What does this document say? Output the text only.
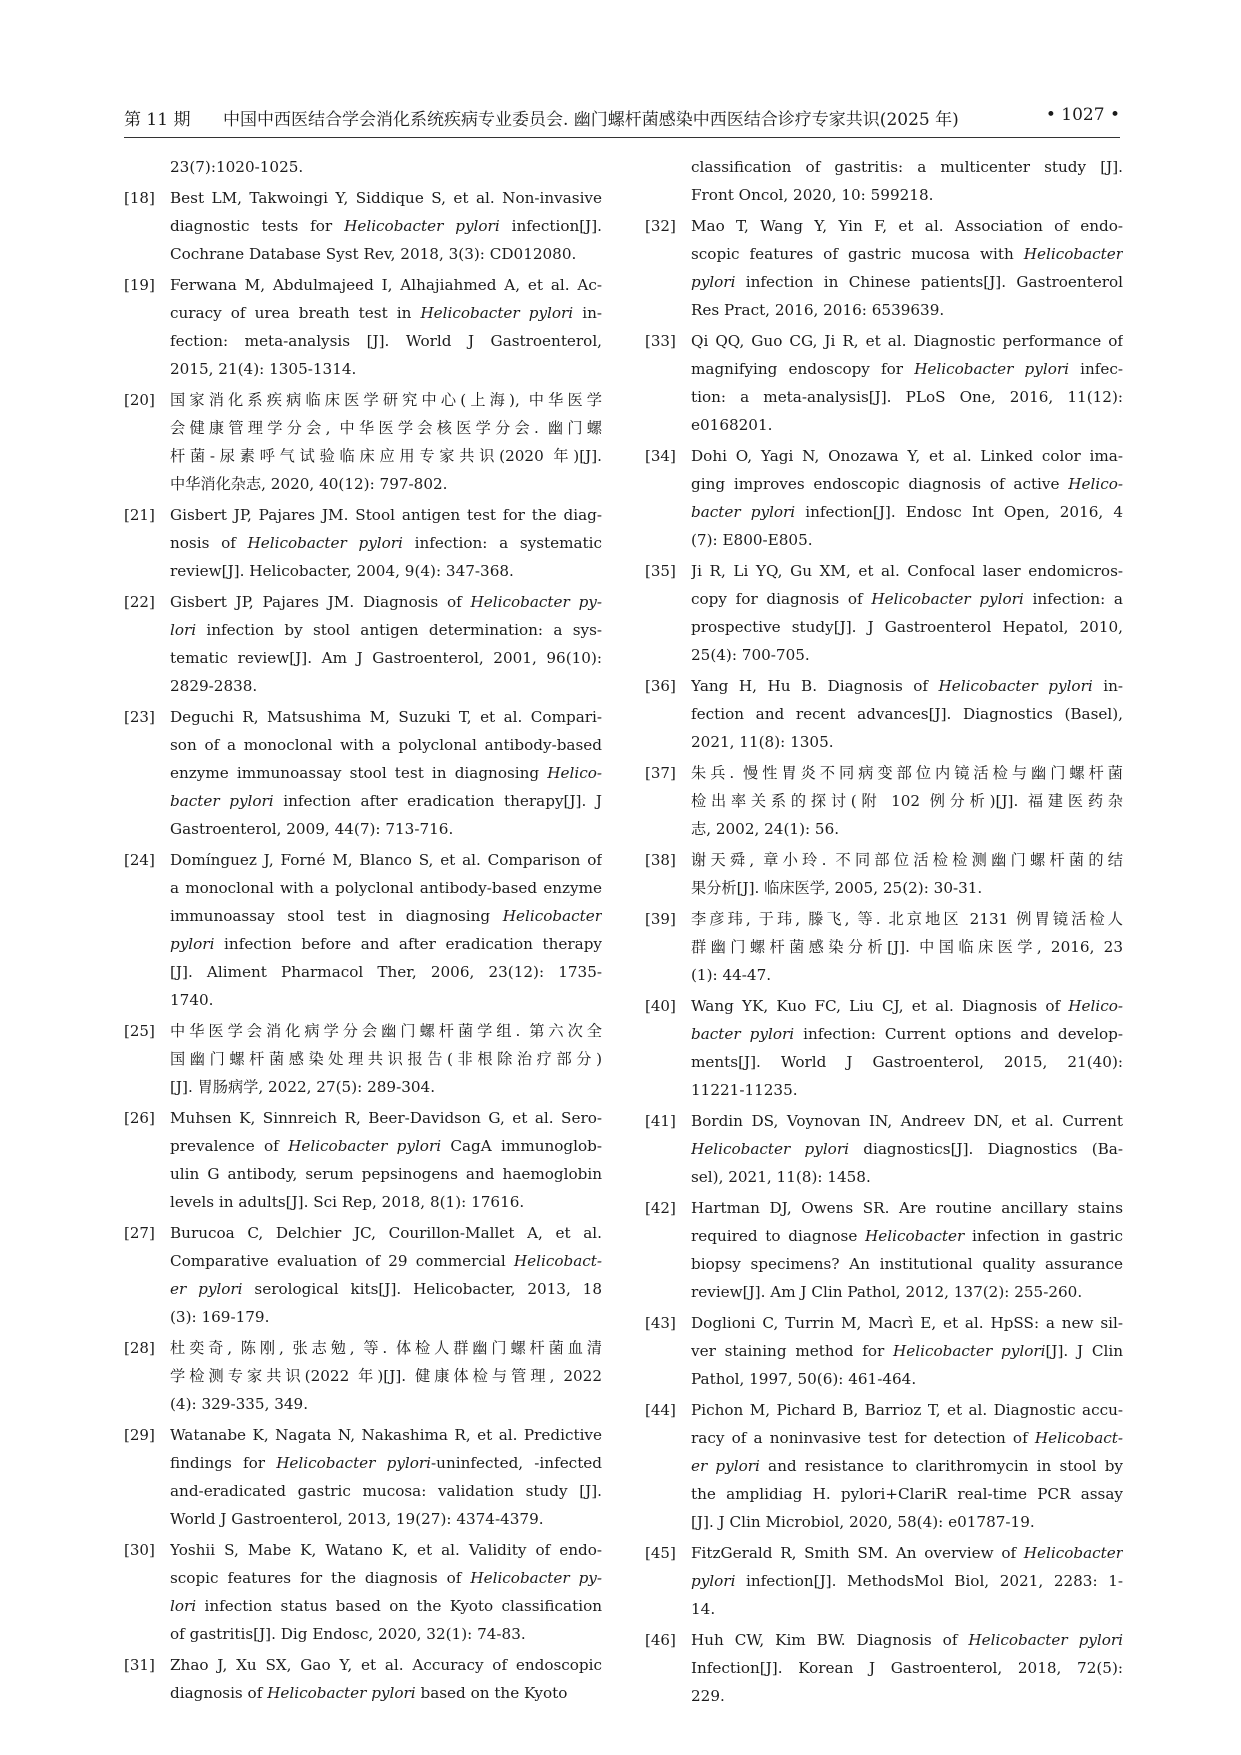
第 11 期 中国中西医结合学会消化系统疾病专业委员会. 幽门螺杆菌感染中西医结合诊疗专家共识(2025 年)	• 1027 •
23(7):1020-1025.
[18] Best LM, Takwoingi Y, Siddique S, et al. Non-invasive
diagnostic tests for Helicobacter pylori infection[J].
Cochrane Database Syst Rev, 2018, 3(3): CD012080.
[19] Ferwana M, Abdulmajeed I, Alhajiahmed A, et al. Ac-
curacy of urea breath test in Helicobacter pylori in-
fection: meta-analysis [J]. World J Gastroenterol,
2015, 21(4): 1305-1314.
[20] 国家消化系疾病临床医学研究中心(上海), 中华医学
会健康管理学分会, 中华医学会核医学分会. 幽门螺
杆菌-尿素呼气试验临床应用专家共识(2020 年)[J].
中华消化杂志, 2020, 40(12): 797-802.
[21] Gisbert JP, Pajares JM. Stool antigen test for the diag-
nosis of Helicobacter pylori infection: a systematic
review[J]. Helicobacter, 2004, 9(4): 347-368.
[22] Gisbert JP, Pajares JM. Diagnosis of Helicobacter py-
lori infection by stool antigen determination: a sys-
tematic review[J]. Am J Gastroenterol, 2001, 96(10):
2829-2838.
[23] Deguchi R, Matsushima M, Suzuki T, et al. Compari-
son of a monoclonal with a polyclonal antibody-based
enzyme immunoassay stool test in diagnosing Helico-
bacter pylori infection after eradication therapy[J]. J
Gastroenterol, 2009, 44(7): 713-716.
[24] Domínguez J, Forné M, Blanco S, et al. Comparison of
a monoclonal with a polyclonal antibody-based enzyme
immunoassay stool test in diagnosing Helicobacter
pylori infection before and after eradication therapy
[J]. Aliment Pharmacol Ther, 2006, 23(12): 1735-
1740.
[25] 中华医学会消化病学分会幽门螺杆菌学组. 第六次全
国幽门螺杆菌感染处理共识报告(非根除治疗部分)
[J]. 胃肠病学, 2022, 27(5): 289-304.
[26] Muhsen K, Sinnreich R, Beer-Davidson G, et al. Sero-
prevalence of Helicobacter pylori CagA immunoglob-
ulin G antibody, serum pepsinogens and haemoglobin
levels in adults[J]. Sci Rep, 2018, 8(1): 17616.
[27] Burucoa C, Delchier JC, Courillon-Mallet A, et al.
Comparative evaluation of 29 commercial Helicobact-
er pylori serological kits[J]. Helicobacter, 2013, 18
(3): 169-179.
[28] 杜奕奇, 陈刚, 张志勉, 等. 体检人群幽门螺杆菌血清
学检测专家共识(2022 年)[J]. 健康体检与管理, 2022
(4): 329-335, 349.
[29] Watanabe K, Nagata N, Nakashima R, et al. Predictive
findings for Helicobacter pylori-uninfected, -infected
and-eradicated gastric mucosa: validation study [J].
World J Gastroenterol, 2013, 19(27): 4374-4379.
[30] Yoshii S, Mabe K, Watano K, et al. Validity of endo-
scopic features for the diagnosis of Helicobacter py-
lori infection status based on the Kyoto classification
of gastritis[J]. Dig Endosc, 2020, 32(1): 74-83.
[31] Zhao J, Xu SX, Gao Y, et al. Accuracy of endoscopic
diagnosis of Helicobacter pylori based on the Kyoto
classification of gastritis: a multicenter study [J].
Front Oncol, 2020, 10: 599218.
[32] Mao T, Wang Y, Yin F, et al. Association of endo-
scopic features of gastric mucosa with Helicobacter
pylori infection in Chinese patients[J]. Gastroenterol
Res Pract, 2016, 2016: 6539639.
[33] Qi QQ, Guo CG, Ji R, et al. Diagnostic performance of
magnifying endoscopy for Helicobacter pylori infec-
tion: a meta-analysis[J]. PLoS One, 2016, 11(12):
e0168201.
[34] Dohi O, Yagi N, Onozawa Y, et al. Linked color ima-
ging improves endoscopic diagnosis of active Helico-
bacter pylori infection[J]. Endosc Int Open, 2016, 4
(7): E800-E805.
[35] Ji R, Li YQ, Gu XM, et al. Confocal laser endomicros-
copy for diagnosis of Helicobacter pylori infection: a
prospective study[J]. J Gastroenterol Hepatol, 2010,
25(4): 700-705.
[36] Yang H, Hu B. Diagnosis of Helicobacter pylori in-
fection and recent advances[J]. Diagnostics (Basel),
2021, 11(8): 1305.
[37] 朱兵. 慢性胃炎不同病变部位内镜活检与幽门螺杆菌
检出率关系的探讨(附 102 例分析)[J]. 福建医药杂
志, 2002, 24(1): 56.
[38] 谢天舜, 章小玲. 不同部位活检检测幽门螺杆菌的结
果分析[J]. 临床医学, 2005, 25(2): 30-31.
[39] 李彦玮, 于玮, 滕飞, 等. 北京地区 2131 例胃镜活检人
群幽门螺杆菌感染分析[J]. 中国临床医学, 2016, 23
(1): 44-47.
[40] Wang YK, Kuo FC, Liu CJ, et al. Diagnosis of Helico-
bacter pylori infection: Current options and develop-
ments[J]. World J Gastroenterol, 2015, 21(40):
11221-11235.
[41] Bordin DS, Voynovan IN, Andreev DN, et al. Current
Helicobacter pylori diagnostics[J]. Diagnostics (Ba-
sel), 2021, 11(8): 1458.
[42] Hartman DJ, Owens SR. Are routine ancillary stains
required to diagnose Helicobacter infection in gastric
biopsy specimens? An institutional quality assurance
review[J]. Am J Clin Pathol, 2012, 137(2): 255-260.
[43] Doglioni C, Turrin M, Macrì E, et al. HpSS: a new sil-
ver staining method for Helicobacter pylori[J]. J Clin
Pathol, 1997, 50(6): 461-464.
[44] Pichon M, Pichard B, Barrioz T, et al. Diagnostic accu-
racy of a noninvasive test for detection of Helicobact-
er pylori and resistance to clarithromycin in stool by
the amplidiag H. pylori+ClariR real-time PCR assay
[J]. J Clin Microbiol, 2020, 58(4): e01787-19.
[45] FitzGerald R, Smith SM. An overview of Helicobacter
pylori infection[J]. MethodsMol Biol, 2021, 2283: 1-
14.
[46] Huh CW, Kim BW. Diagnosis of Helicobacter pylori
Infection[J]. Korean J Gastroenterol, 2018, 72(5):
229.
